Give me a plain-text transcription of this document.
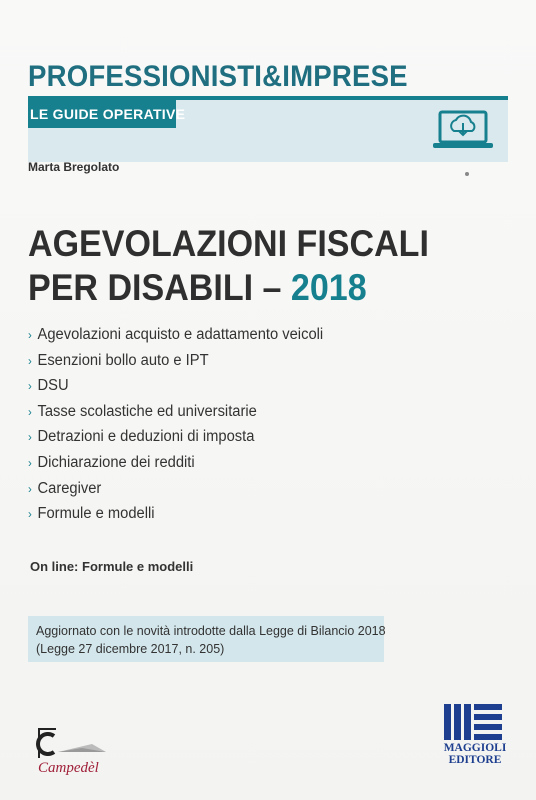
PROFESSIONISTI&IMPRESE
LE GUIDE OPERATIVE
Marta Bregolato
AGEVOLAZIONI FISCALI
PER DISABILI – 2018
› Agevolazioni acquisto e adattamento veicoli
› Esenzioni bollo auto e IPT
› DSU
› Tasse scolastiche ed universitarie
› Detrazioni e deduzioni di imposta
› Dichiarazione dei redditi
› Caregiver
› Formule e modelli
On line: Formule e modelli
Aggiornato con le novità introdotte dalla Legge di Bilancio 2018
(Legge 27 dicembre 2017, n. 205)
Campedèl
MAGGIOLI
EDITORE
